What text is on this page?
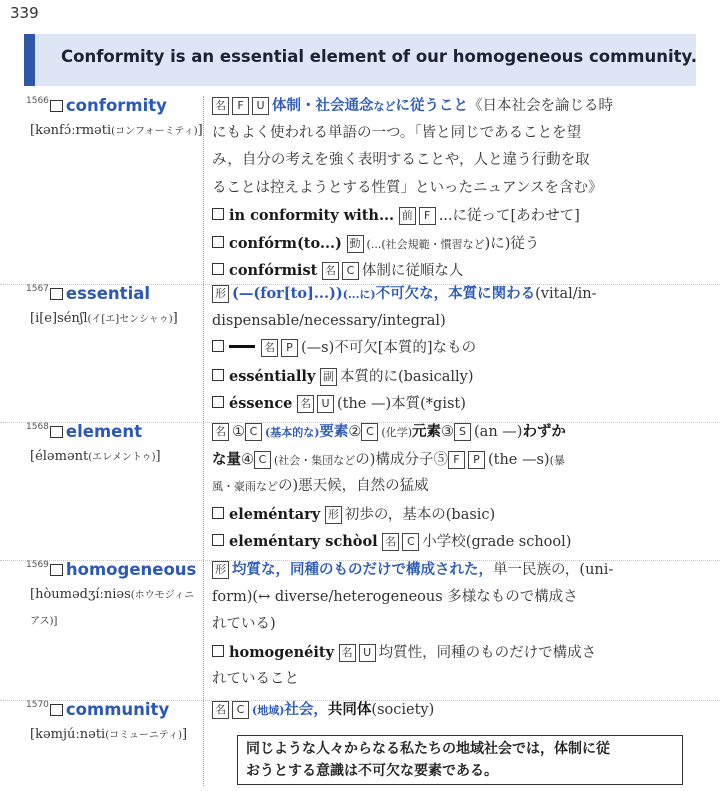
339
Conformity is an essential element of our homogeneous community.
$^{1566}$ conformity
[kənfɔ́ːrməti(コンフォーミティ)]
名 F U 体制・社会通念などに従うこと《日本社会を論じる時
にもよく使われる単語の一つ。「皆と同じであることを望
み，自分の考えを強く表明することや，人と違う行動を取
ることは控えようとする性質」といったニュアンスを含む》
in conformity with... 前 F ...に従って[あわせて]
confórm(to...) 動 (...(社会規範・慣習など)に)従う
confórmist 名 C 体制に従順な人
$^{1567}$ essential
[i[e]sénʃl(イ[エ]センシャゥ)]
形 (—(for[to]...))(...に)不可欠な，本質に関わる(vital/in-
dispensable/necessary/integral)
名 P (—s)不可欠[本質的]なもの
esséntially 副 本質的に(basically)
éssence 名 U (the —)本質(*gist)
$^{1568}$ element
[éləmənt(エレメントゥ)]
名 ① C (基本的な)要素② C (化学)元素③ S (an —)わずか
な量④ C (社会・集団などの)構成分子⑤ F P (the —s)(暴
風・豪雨などの)悪天候，自然の猛威
eleméntary 形 初歩の，基本の(basic)
eleméntary schòol 名 C 小学校(grade school)
$^{1569}$ homogeneous
[hòumədʒíːniəs(ホウモジィニ
アス)]
形 均質な，同種のものだけで構成された，単一民族の，(uni-
form)(↔ diverse/heterogeneous 多様なもので構成さ
れている)
homogenéity 名 U 均質性，同種のものだけで構成さ
れていること
$^{1570}$ community
[kəmjúːnəti(コミューニティ)]
名 C (地域)社会，共同体(society)
同じような人々からなる私たちの地域社会では，体制に従
おうとする意識は不可欠な要素である。
